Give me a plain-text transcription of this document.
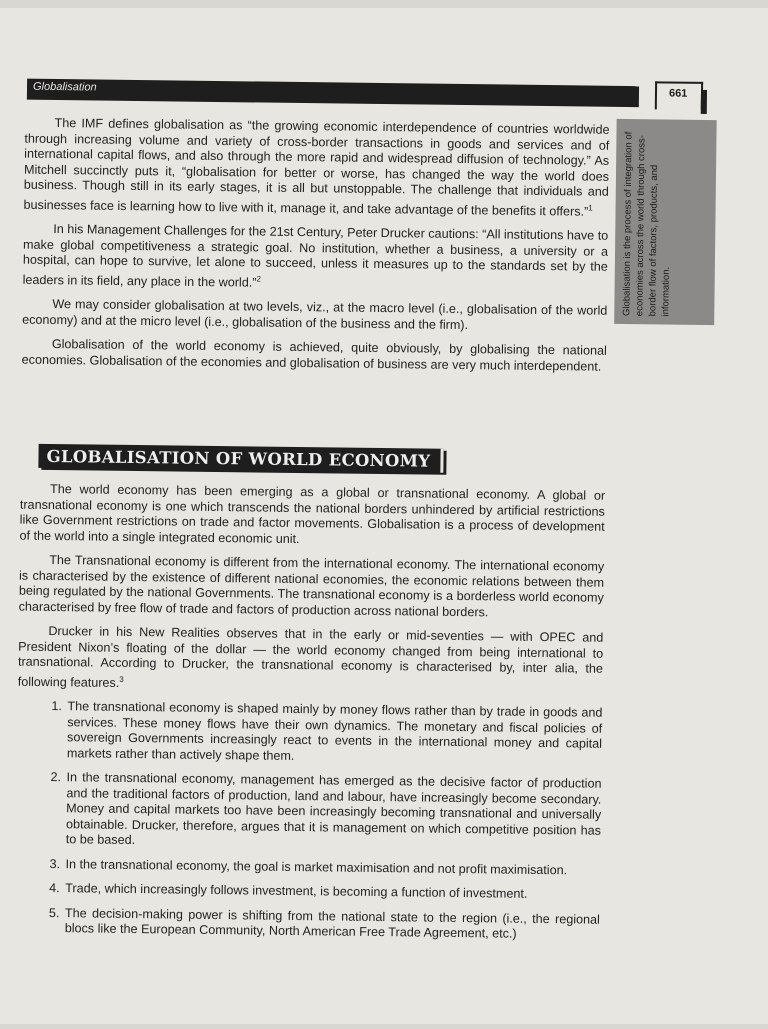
Globalisation
661
Globalisation is the process of integration of economies across the world through cross-border flow of factors, products, and information.

The IMF defines globalisation as “the growing economic interdependence of countries worldwide through increasing volume and variety of cross-border transactions in goods and services and of international capital flows, and also through the more rapid and widespread diffusion of technology.” As Mitchell succinctly puts it, “globalisation for better or worse, has changed the way the world does business. Though still in its early stages, it is all but unstoppable. The challenge that individuals and businesses face is learning how to live with it, manage it, and take advantage of the benefits it offers.”$^1$

In his Management Challenges for the 21st Century, Peter Drucker cautions: “All institutions have to make global competitiveness a strategic goal. No institution, whether a business, a university or a hospital, can hope to survive, let alone to succeed, unless it measures up to the standards set by the leaders in its field, any place in the world.”$^2$

We may consider globalisation at two levels, viz., at the macro level (i.e., globalisation of the world economy) and at the micro level (i.e., globalisation of the business and the firm).

Globalisation of the world economy is achieved, quite obviously, by globalising the national economies. Globalisation of the economies and globalisation of business are very much interdependent.

GLOBALISATION OF WORLD ECONOMY

The world economy has been emerging as a global or transnational economy. A global or transnational economy is one which transcends the national borders unhindered by artificial restrictions like Government restrictions on trade and factor movements. Globalisation is a process of development of the world into a single integrated economic unit.

The Transnational economy is different from the international economy. The international economy is characterised by the existence of different national economies, the economic relations between them being regulated by the national Governments. The transnational economy is a borderless world economy characterised by free flow of trade and factors of production across national borders.

Drucker in his New Realities observes that in the early or mid-seventies — with OPEC and President Nixon’s floating of the dollar — the world economy changed from being international to transnational. According to Drucker, the transnational economy is characterised by, inter alia, the following features.$^3$

1. The transnational economy is shaped mainly by money flows rather than by trade in goods and services. These money flows have their own dynamics. The monetary and fiscal policies of sovereign Governments increasingly react to events in the international money and capital markets rather than actively shape them.
2. In the transnational economy, management has emerged as the decisive factor of production and the traditional factors of production, land and labour, have increasingly become secondary. Money and capital markets too have been increasingly becoming transnational and universally obtainable. Drucker, therefore, argues that it is management on which competitive position has to be based.
3. In the transnational economy, the goal is market maximisation and not profit maximisation.
4. Trade, which increasingly follows investment, is becoming a function of investment.
5. The decision-making power is shifting from the national state to the region (i.e., the regional blocs like the European Community, North American Free Trade Agreement, etc.)
